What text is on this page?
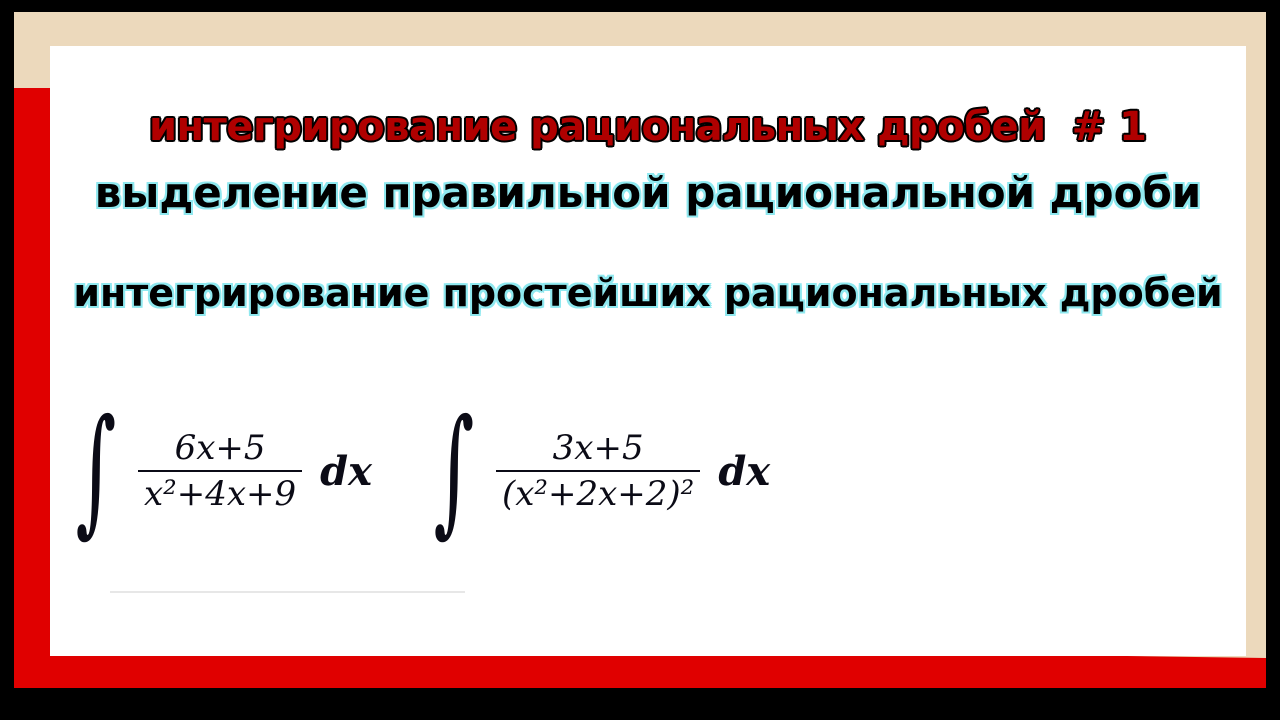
интегрирование рациональных дробей # 1
выделение правильной рациональной дроби
интегрирование простейших рациональных дробей
∫ $\frac{6x+5}{\text{x²+4x+9}}$ dx ∫ $\frac{3x+5}{\text{(x²+2x+2)²}}$ dx
